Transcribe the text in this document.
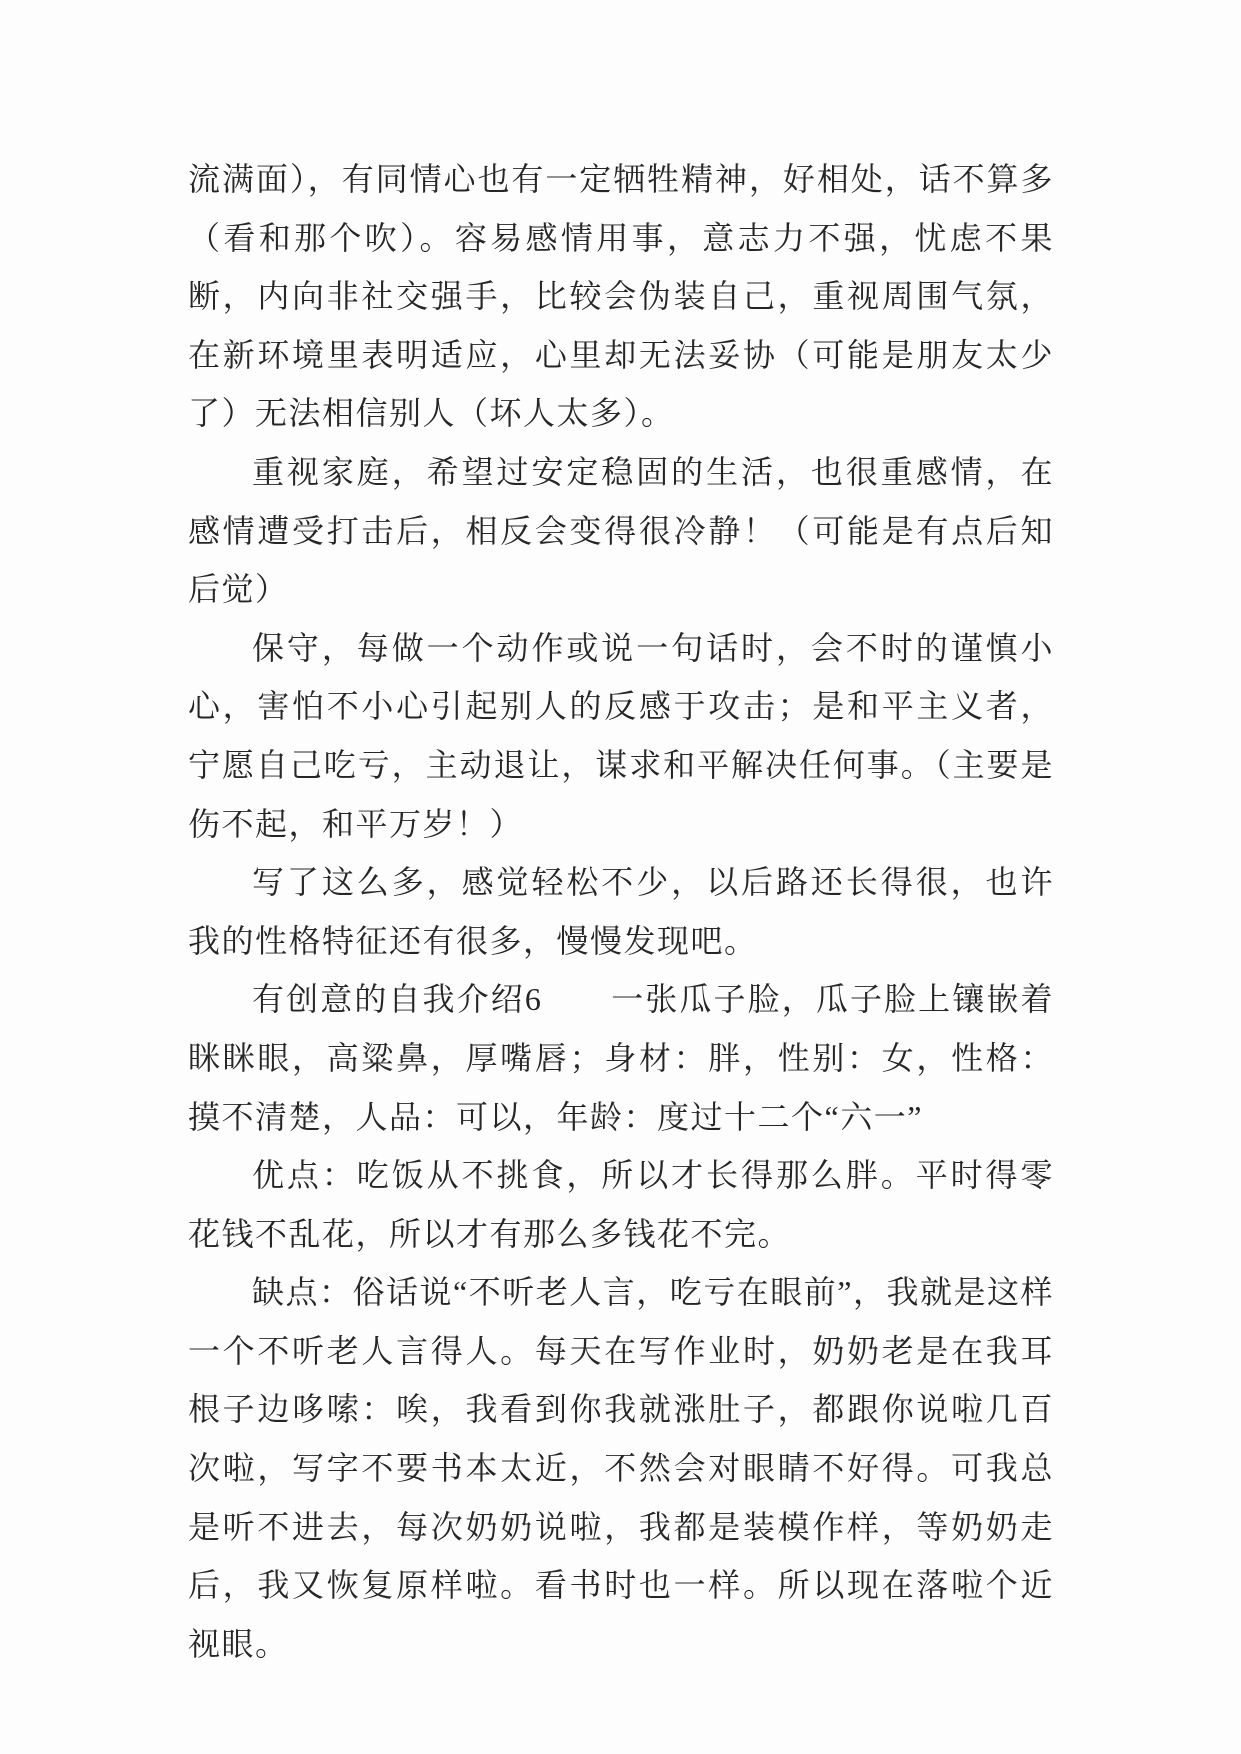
流满面），有同情心也有一定牺牲精神，好相处，话不算多（看和那个吹）。容易感情用事，意志力不强，忧虑不果断，内向非社交强手，比较会伪装自己，重视周围气氛，在新环境里表明适应，心里却无法妥协（可能是朋友太少了）无法相信别人（坏人太多）。

重视家庭，希望过安定稳固的生活，也很重感情，在感情遭受打击后，相反会变得很冷静！（可能是有点后知后觉）

保守，每做一个动作或说一句话时，会不时的谨慎小心，害怕不小心引起别人的反感于攻击；是和平主义者，宁愿自己吃亏，主动退让，谋求和平解决任何事。（主要是伤不起，和平万岁！）

写了这么多，感觉轻松不少，以后路还长得很，也许我的性格特征还有很多，慢慢发现吧。

有创意的自我介绍6　　一张瓜子脸，瓜子脸上镶嵌着眯眯眼，高粱鼻，厚嘴唇；身材：胖，性别：女，性格：摸不清楚，人品：可以，年龄：度过十二个“六一”

优点：吃饭从不挑食，所以才长得那么胖。平时得零花钱不乱花，所以才有那么多钱花不完。

缺点：俗话说“不听老人言，吃亏在眼前”，我就是这样一个不听老人言得人。每天在写作业时，奶奶老是在我耳根子边哆嗦：唉，我看到你我就涨肚子，都跟你说啦几百次啦，写字不要书本太近，不然会对眼睛不好得。可我总是听不进去，每次奶奶说啦，我都是装模作样，等奶奶走后，我又恢复原样啦。看书时也一样。所以现在落啦个近视眼。
